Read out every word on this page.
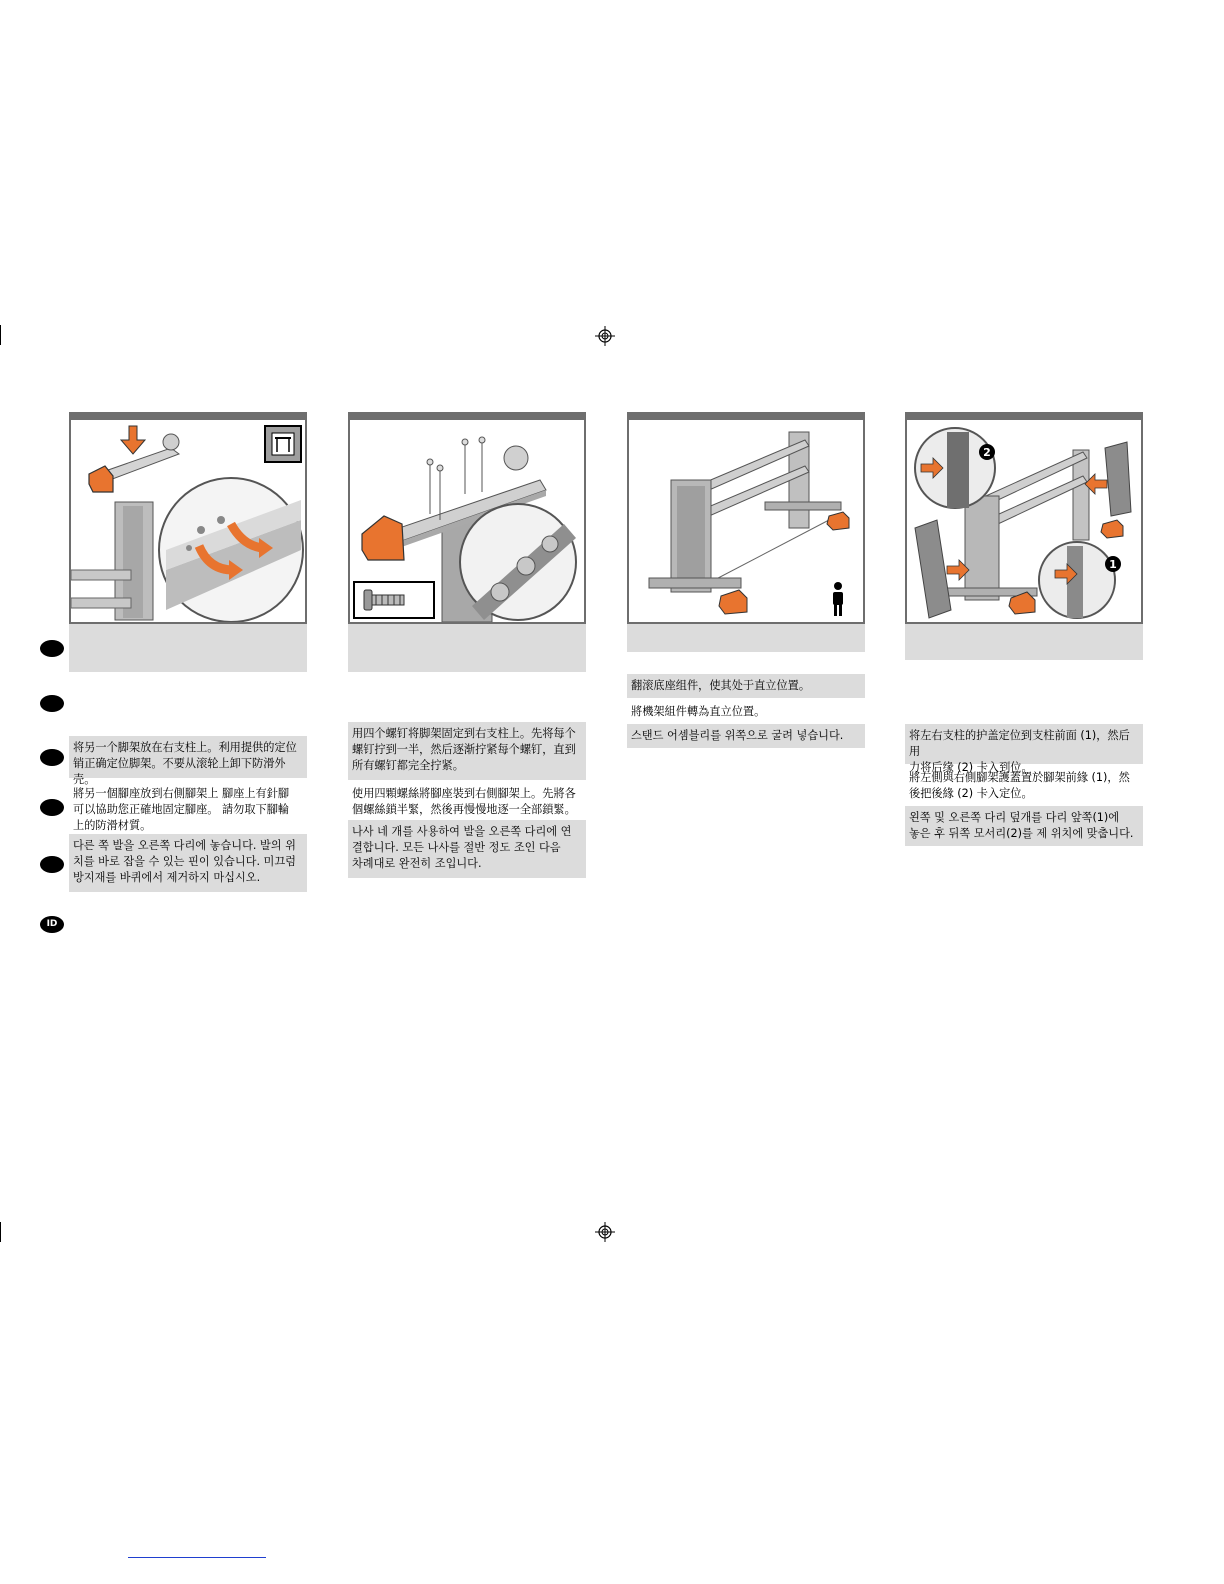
ID
将另一个脚架放在右支柱上。利用提供的定位
销正确定位脚架。不要从滚轮上卸下防滑外壳。
將另一個腳座放到右側腳架上 腳座上有針腳
可以協助您正確地固定腳座。 請勿取下腳輪
上的防滑材質。
다른 쪽 발을 오른쪽 다리에 놓습니다. 발의 위
치를 바로 잡을 수 있는 핀이 있습니다. 미끄럼
방지재를 바퀴에서 제거하지 마십시오.
用四个螺钉将脚架固定到右支柱上。先将每个
螺钉拧到一半，然后逐渐拧紧每个螺钉，直到
所有螺钉都完全拧紧。
使用四顆螺絲將腳座裝到右側腳架上。先將各
個螺絲鎖半緊，然後再慢慢地逐一全部鎖緊。
나사 네 개를 사용하여 발을 오른쪽 다리에 연
결합니다. 모든 나사를 절반 정도 조인 다음
차례대로 완전히 조입니다.
翻滚底座组件，使其处于直立位置。
將機架組件轉為直立位置。
스탠드 어셈블리를 위쪽으로 굴려 넣습니다.
2
1
将左右支柱的护盖定位到支柱前面 (1)，然后用
力将后缘 (2) 卡入到位。
將左側與右側腳架護蓋置於腳架前緣 (1)，然
後把後緣 (2) 卡入定位。
왼쪽 및 오른쪽 다리 덮개를 다리 앞쪽(1)에
놓은 후 뒤쪽 모서리(2)를 제 위치에 맞춥니다.
